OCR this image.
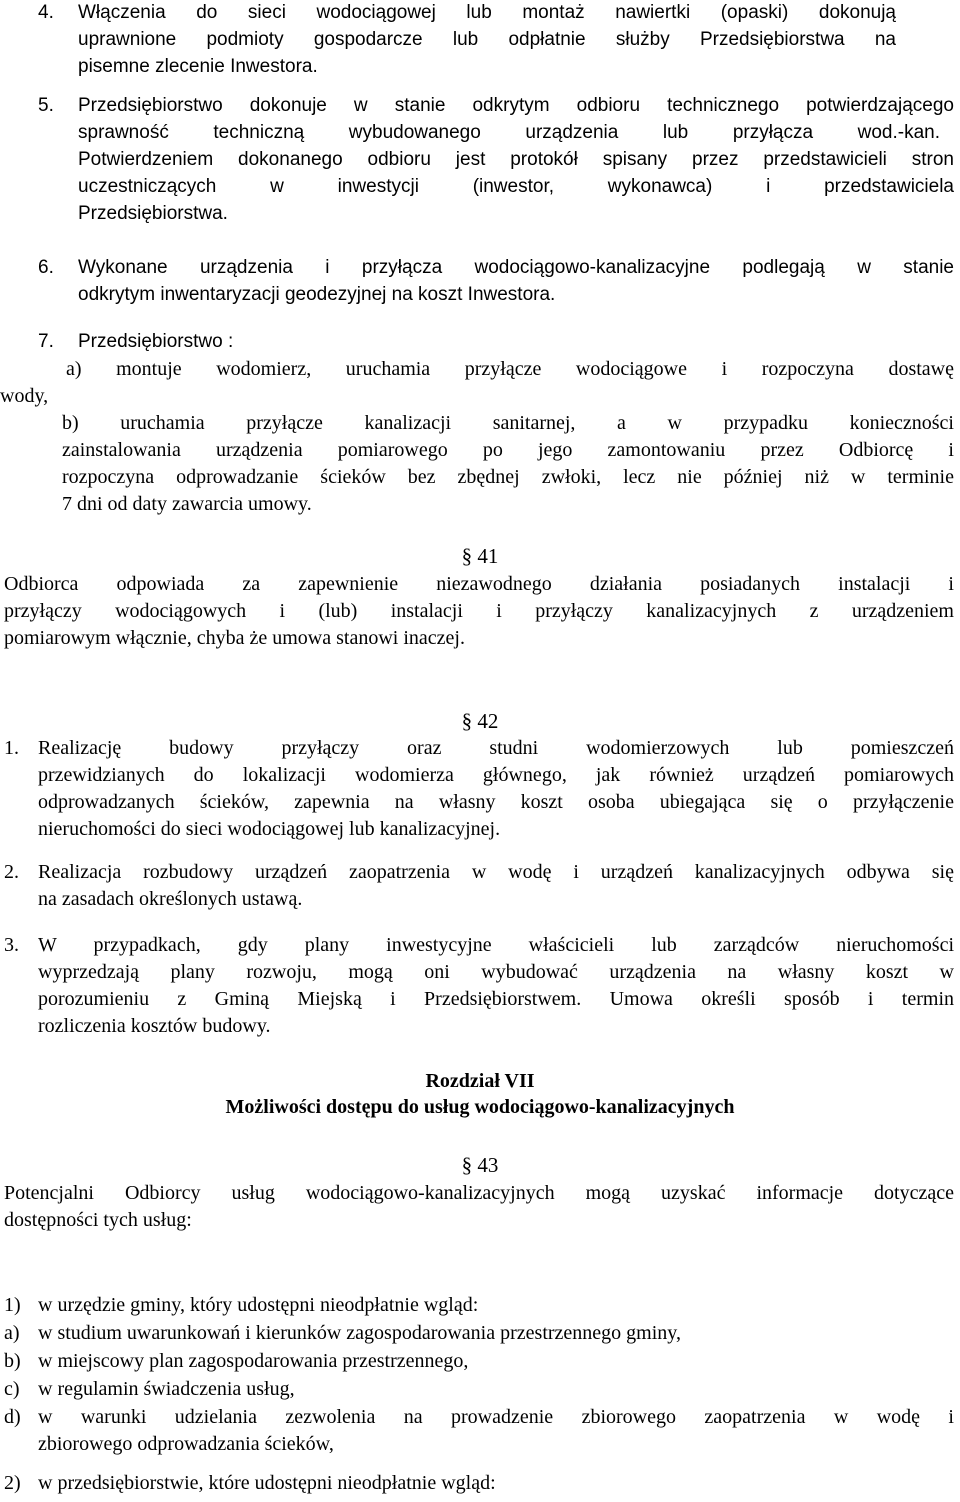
4. Włączenia do sieci wodociągowej lub montaż nawiertki (opaski) dokonują
uprawnione podmioty gospodarcze lub odpłatnie służby Przedsiębiorstwa na
pisemne zlecenie Inwestora.
5. Przedsiębiorstwo dokonuje w stanie odkrytym odbioru technicznego potwierdzającego
sprawność techniczną wybudowanego urządzenia lub przyłącza wod.-kan.
Potwierdzeniem dokonanego odbioru jest protokół spisany przez przedstawicieli stron
uczestniczących w inwestycji (inwestor, wykonawca) i przedstawiciela
Przedsiębiorstwa.
6. Wykonane urządzenia i przyłącza wodociągowo-kanalizacyjne podlegają w stanie
odkrytym inwentaryzacji geodezyjnej na koszt Inwestora.
7. Przedsiębiorstwo :
a) montuje wodomierz, uruchamia przyłącze wodociągowe i rozpoczyna dostawę
wody,
b) uruchamia przyłącze kanalizacji sanitarnej, a w przypadku konieczności
zainstalowania urządzenia pomiarowego po jego zamontowaniu przez Odbiorcę i
rozpoczyna odprowadzanie ścieków bez zbędnej zwłoki, lecz nie później niż w terminie
7 dni od daty zawarcia umowy.
§ 41
Odbiorca odpowiada za zapewnienie niezawodnego działania posiadanych instalacji i
przyłączy wodociągowych i (lub) instalacji i przyłączy kanalizacyjnych z urządzeniem
pomiarowym włącznie, chyba że umowa stanowi inaczej.
§ 42
1. Realizację budowy przyłączy oraz studni wodomierzowych lub pomieszczeń
przewidzianych do lokalizacji wodomierza głównego, jak również urządzeń pomiarowych
odprowadzanych ścieków, zapewnia na własny koszt osoba ubiegająca się o przyłączenie
nieruchomości do sieci wodociągowej lub kanalizacyjnej.
2. Realizacja rozbudowy urządzeń zaopatrzenia w wodę i urządzeń kanalizacyjnych odbywa się
na zasadach określonych ustawą.
3. W przypadkach, gdy plany inwestycyjne właścicieli lub zarządców nieruchomości
wyprzedzają plany rozwoju, mogą oni wybudować urządzenia na własny koszt w
porozumieniu z Gminą Miejską i Przedsiębiorstwem. Umowa określi sposób i termin
rozliczenia kosztów budowy.
Rozdział VII
Możliwości dostępu do usług wodociągowo-kanalizacyjnych
§ 43
Potencjalni Odbiorcy usług wodociągowo-kanalizacyjnych mogą uzyskać informacje dotyczące
dostępności tych usług:
1) w urzędzie gminy, który udostępni nieodpłatnie wgląd:
a) w studium uwarunkowań i kierunków zagospodarowania przestrzennego gminy,
b) w miejscowy plan zagospodarowania przestrzennego,
c) w regulamin świadczenia usług,
d) w warunki udzielania zezwolenia na prowadzenie zbiorowego zaopatrzenia w wodę i
zbiorowego odprowadzania ścieków,
2) w przedsiębiorstwie, które udostępni nieodpłatnie wgląd:
